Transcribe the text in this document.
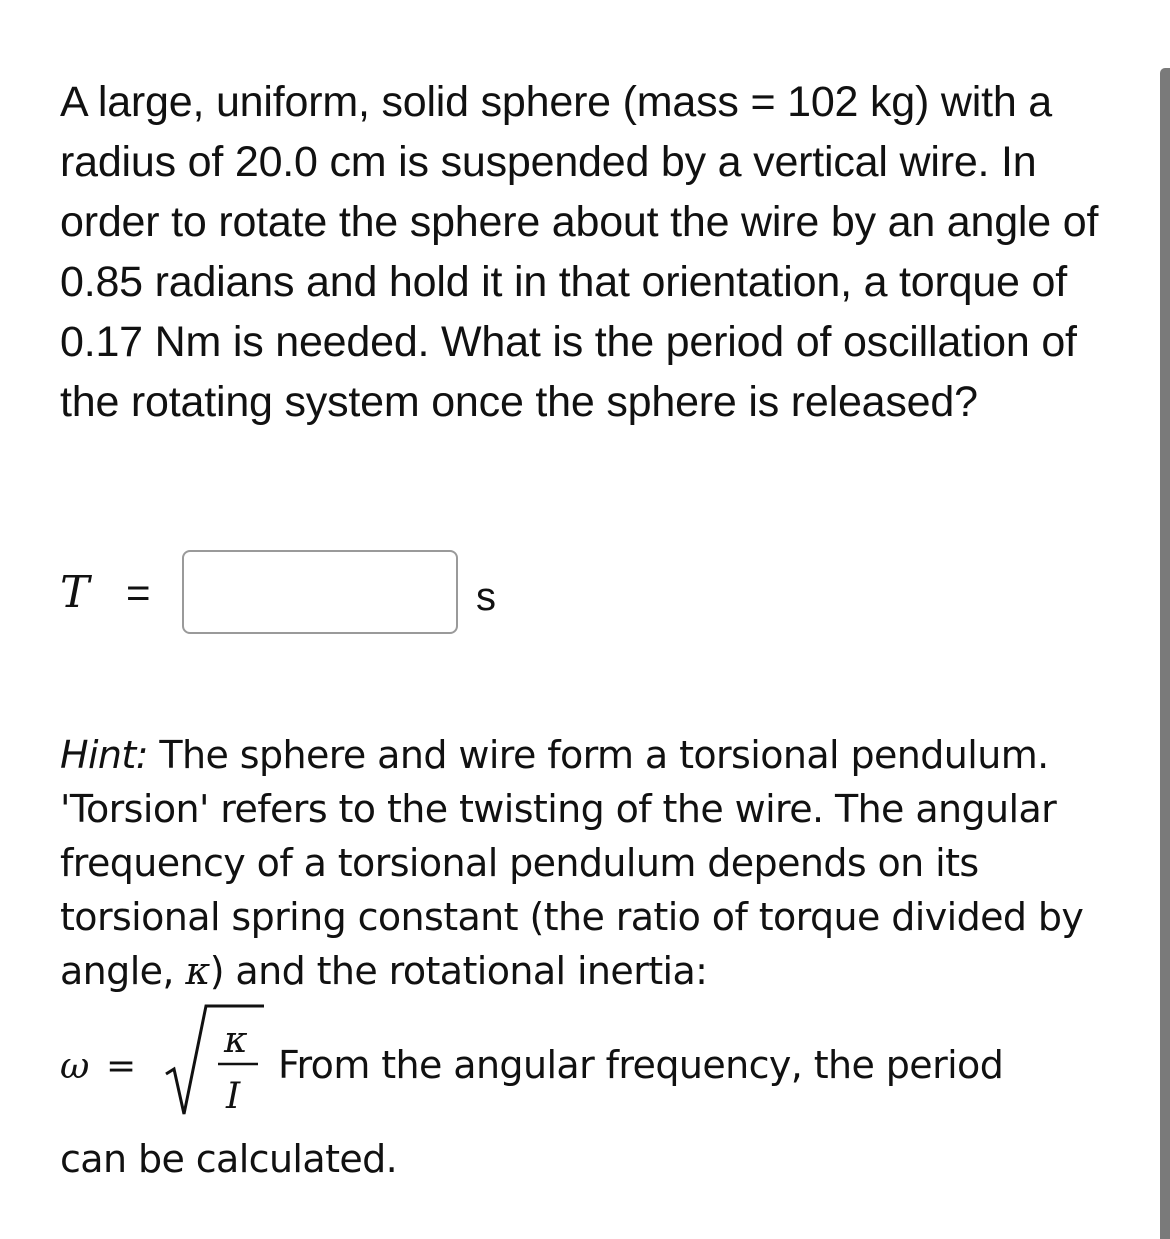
A large, uniform, solid sphere (mass = 102 kg) with a radius of 20.0 cm is suspended by a vertical wire. In order to rotate the sphere about the wire by an angle of 0.85 radians and hold it in that orientation, a torque of 0.17 Nm is needed. What is the period of oscillation of the rotating system once the sphere is released?

T =	s

Hint: The sphere and wire form a torsional pendulum. 'Torsion' refers to the twisting of the wire. The angular frequency of a torsional pendulum depends on its torsional spring constant (the ratio of torque divided by angle, κ) and the rotational inertia:

ω =
κ
I
From the angular frequency, the period
can be calculated.
